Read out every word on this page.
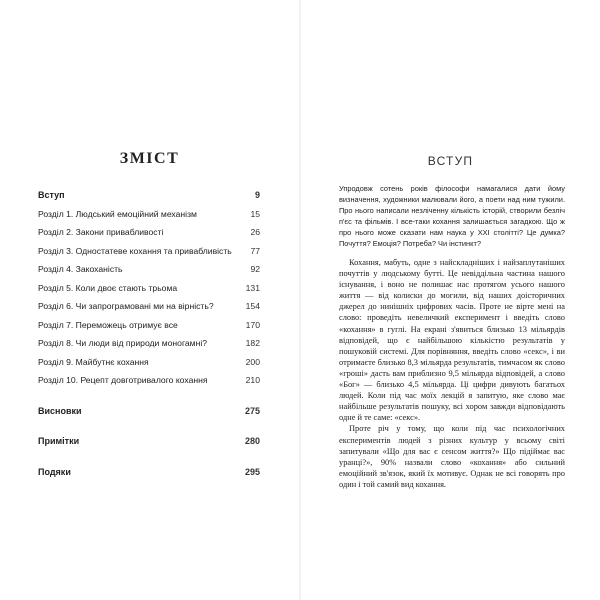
ЗМІСТ
Вступ	9
Розділ 1. Людський емоційний механізм	15
Розділ 2. Закони привабливості	26
Розділ 3. Одностатеве кохання та привабливість 77
Розділ 4. Закоханість	92
Розділ 5. Коли двоє стають трьома	131
Розділ 6. Чи запрограмовані ми на вірність?	154
Розділ 7. Переможець отримує все	170
Розділ 8. Чи люди від природи моногамні?	182
Розділ 9. Майбутнє кохання	200
Розділ 10. Рецепт довготривалого кохання	210
Висновки	275
Примітки	280
Подяки	295
ВСТУП
Упродовж сотень років філософи намагалися дати йому визначення, художники малювали його, а поети над ним тужили. Про нього написали незліченну кількість історій, створили безліч п'єс та фільмів. І все-таки кохання залишається загадкою. Що ж про нього може сказати нам наука у XXI столітті? Це думка? Почуття? Емоція? Потреба? Чи інстинкт?

Кохання, мабуть, одне з найскладніших і найзаплутаніших почуттів у людському бутті. Це невіддільна частина нашого існування, і воно не полишає нас протягом усього нашого життя — від колиски до могили, від наших доісторичних джерел до нинішніх цифрових часів. Проте не вірте мені на слово: проведіть невеличкий експеримент і введіть слово «кохання» в гуглі. На екрані з'явиться близько 13 мільярдів відповідей, що є найбільшою кількістю результатів у пошуковій системі. Для порівняння, введіть слово «секс», і ви отримаєте близько 8,3 мільярда результатів, тимчасом як слово «гроші» дасть вам приблизно 9,5 мільярда відповідей, а слово «Бог» — близько 4,5 мільярда. Ці цифри дивують багатьох людей. Коли під час моїх лекцій я запитую, яке слово має найбільше результатів пошуку, всі хором завжди відповідають одне й те саме: «секс».

Проте річ у тому, що коли під час психологічних експериментів людей з різних культур у всьому світі запитували «Що для вас є сенсом життя?» Що підіймає вас уранці?», 90% назвали слово «кохання» або сильний емоційний зв'язок, який їх мотивує. Однак не всі говорять про один і той самий вид кохання.
